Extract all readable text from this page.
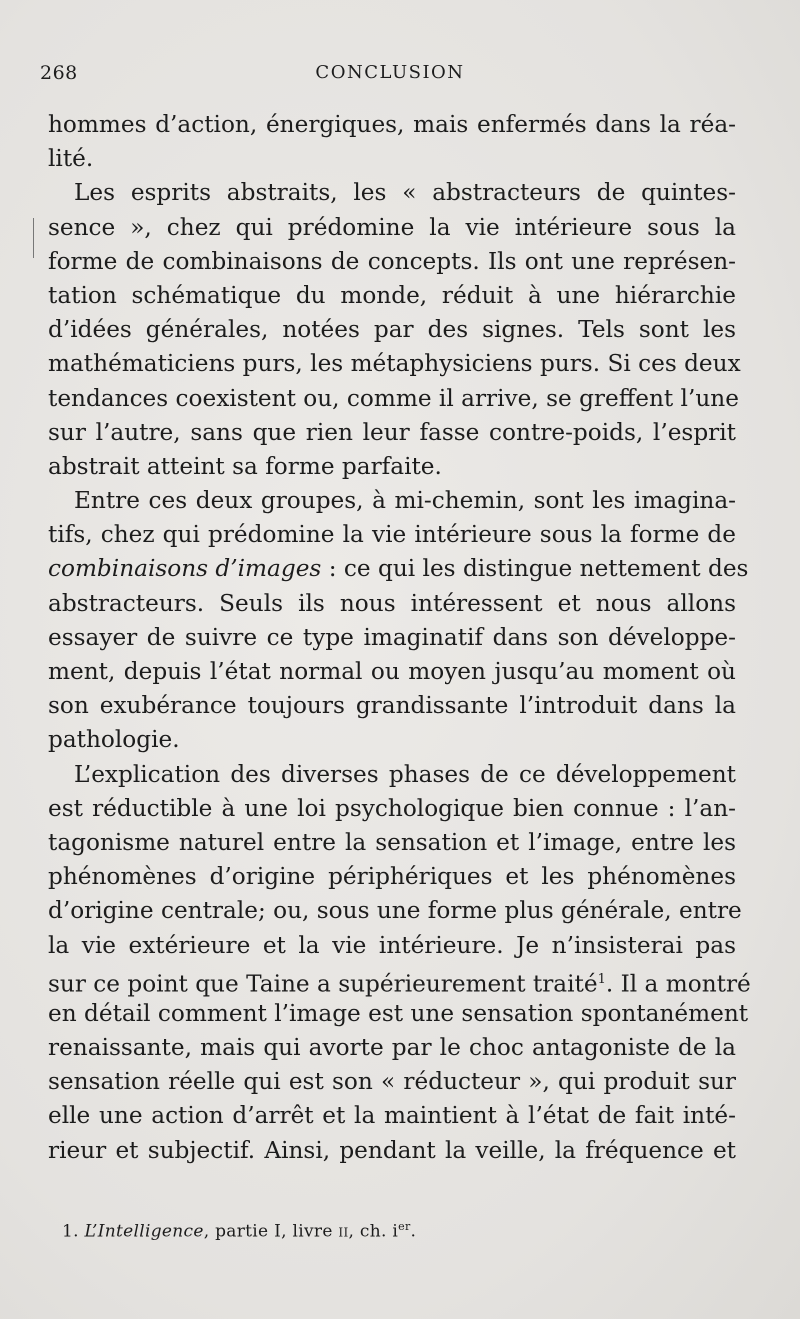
268	CONCLUSION
hommes d’action, énergiques, mais enfermés dans la réa-
lité.
Les esprits abstraits, les « abstracteurs de quintes-
sence », chez qui prédomine la vie intérieure sous la
forme de combinaisons de concepts. Ils ont une représen-
tation schématique du monde, réduit à une hiérarchie
d’idées générales, notées par des signes. Tels sont les
mathématiciens purs, les métaphysiciens purs. Si ces deux
tendances coexistent ou, comme il arrive, se greffent l’une
sur l’autre, sans que rien leur fasse contre-poids, l’esprit
abstrait atteint sa forme parfaite.
Entre ces deux groupes, à mi-chemin, sont les imagina-
tifs, chez qui prédomine la vie intérieure sous la forme de
combinaisons d’images : ce qui les distingue nettement des
abstracteurs. Seuls ils nous intéressent et nous allons
essayer de suivre ce type imaginatif dans son développe-
ment, depuis l’état normal ou moyen jusqu’au moment où
son exubérance toujours grandissante l’introduit dans la
pathologie.
L’explication des diverses phases de ce développement
est réductible à une loi psychologique bien connue : l’an-
tagonisme naturel entre la sensation et l’image, entre les
phénomènes d’origine périphériques et les phénomènes
d’origine centrale; ou, sous une forme plus générale, entre
la vie extérieure et la vie intérieure. Je n’insisterai pas
sur ce point que Taine a supérieurement traité$^1$. Il a montré
en détail comment l’image est une sensation spontanément
renaissante, mais qui avorte par le choc antagoniste de la
sensation réelle qui est son « réducteur », qui produit sur
elle une action d’arrêt et la maintient à l’état de fait inté-
rieur et subjectif. Ainsi, pendant la veille, la fréquence et
1. L’Intelligence, partie I, livre ii, ch. $i^{er}$.
